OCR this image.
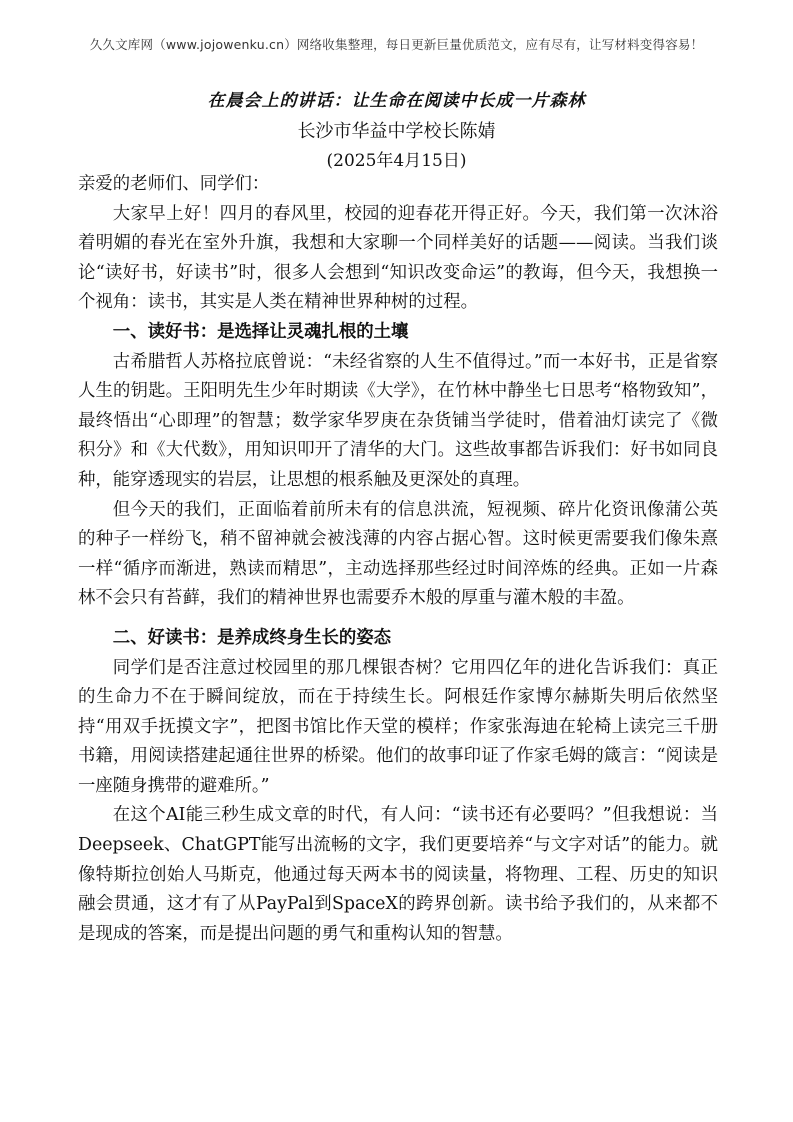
久久文库网（www.jojowenku.cn）网络收集整理，每日更新巨量优质范文，应有尽有，让写材料变得容易！
在晨会上的讲话：让生命在阅读中长成一片森林
长沙市华益中学校长陈婧
(2025年4月15日)

亲爱的老师们、同学们：

大家早上好！四月的春风里，校园的迎春花开得正好。今天，我们第一次沐浴着明媚的春光在室外升旗，我想和大家聊一个同样美好的话题——阅读。当我们谈论“读好书，好读书”时，很多人会想到“知识改变命运”的教诲，但今天，我想换一个视角：读书，其实是人类在精神世界种树的过程。

一、读好书：是选择让灵魂扎根的土壤

古希腊哲人苏格拉底曾说：“未经省察的人生不值得过。”而一本好书，正是省察人生的钥匙。王阳明先生少年时期读《大学》，在竹林中静坐七日思考“格物致知”，最终悟出“心即理”的智慧；数学家华罗庚在杂货铺当学徒时，借着油灯读完了《微积分》和《大代数》，用知识叩开了清华的大门。这些故事都告诉我们：好书如同良种，能穿透现实的岩层，让思想的根系触及更深处的真理。

但今天的我们，正面临着前所未有的信息洪流，短视频、碎片化资讯像蒲公英的种子一样纷飞，稍不留神就会被浅薄的内容占据心智。这时候更需要我们像朱熹一样“循序而渐进，熟读而精思”，主动选择那些经过时间淬炼的经典。正如一片森林不会只有苔藓，我们的精神世界也需要乔木般的厚重与灌木般的丰盈。

二、好读书：是养成终身生长的姿态

同学们是否注意过校园里的那几棵银杏树？它用四亿年的进化告诉我们：真正的生命力不在于瞬间绽放，而在于持续生长。阿根廷作家博尔赫斯失明后依然坚持“用双手抚摸文字”，把图书馆比作天堂的模样；作家张海迪在轮椅上读完三千册书籍，用阅读搭建起通往世界的桥梁。他们的故事印证了作家毛姆的箴言：“阅读是一座随身携带的避难所。”

在这个AI能三秒生成文章的时代，有人问：“读书还有必要吗？”但我想说：当Deepseek、ChatGPT能写出流畅的文字，我们更要培养“与文字对话”的能力。就像特斯拉创始人马斯克，他通过每天两本书的阅读量，将物理、工程、历史的知识融会贯通，这才有了从PayPal到SpaceX的跨界创新。读书给予我们的，从来都不是现成的答案，而是提出问题的勇气和重构认知的智慧。
